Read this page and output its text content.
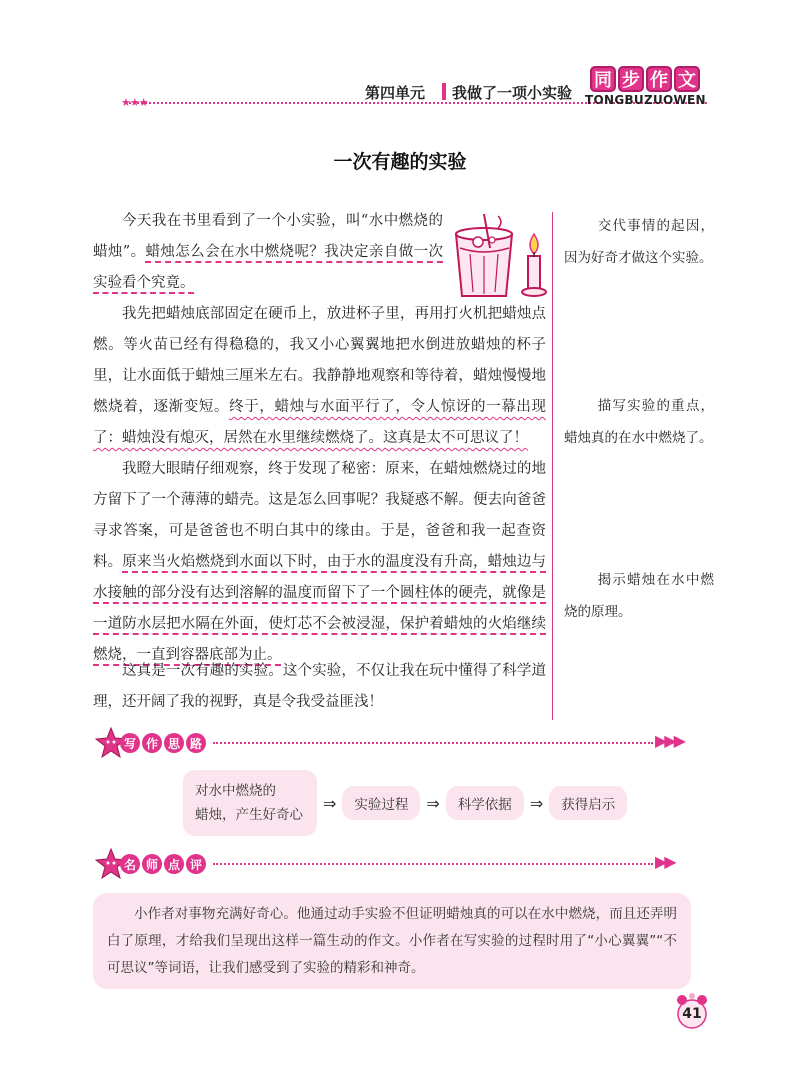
★★★
第四单元 我做了一项小实验
同 步 作 文
TONGBUZUOWEN
一次有趣的实验

今天我在书里看到了一个小实验，叫“水中燃烧的蜡烛”。蜡烛怎么会在水中燃烧呢？我决定亲自做一次实验看个究竟。

我先把蜡烛底部固定在硬币上，放进杯子里，再用打火机把蜡烛点燃。等火苗已经有得稳稳的，我又小心翼翼地把水倒进放蜡烛的杯子里，让水面低于蜡烛三厘米左右。我静静地观察和等待着，蜡烛慢慢地燃烧着，逐渐变短。终于，蜡烛与水面平行了，令人惊讶的一幕出现了：蜡烛没有熄灭，居然在水里继续燃烧了。这真是太不可思议了！

我瞪大眼睛仔细观察，终于发现了秘密：原来，在蜡烛燃烧过的地方留下了一个薄薄的蜡壳。这是怎么回事呢？我疑惑不解。便去向爸爸寻求答案，可是爸爸也不明白其中的缘由。于是，爸爸和我一起查资料。原来当火焰燃烧到水面以下时，由于水的温度没有升高，蜡烛边与水接触的部分没有达到溶解的温度而留下了一个圆柱体的硬壳，就像是一道防水层把水隔在外面，使灯芯不会被浸湿，保护着蜡烛的火焰继续燃烧，一直到容器底部为止。

这真是一次有趣的实验。这个实验，不仅让我在玩中懂得了科学道理，还开阔了我的视野，真是令我受益匪浅！

交代事情的起因，因为好奇才做这个实验。
描写实验的重点，蜡烛真的在水中燃烧了。
揭示蜡烛在水中燃烧的原理。
写 作 思 路	▶▶▶
对水中燃烧的
蜡烛，产生好奇心
⇒	实验过程	⇒	科学依据	⇒	获得启示
名 师 点 评	▶▶

小作者对事物充满好奇心。他通过动手实验不但证明蜡烛真的可以在水中燃烧，而且还弄明白了原理，才给我们呈现出这样一篇生动的作文。小作者在写实验的过程时用了“小心翼翼”“不可思议”等词语，让我们感受到了实验的精彩和神奇。

41
